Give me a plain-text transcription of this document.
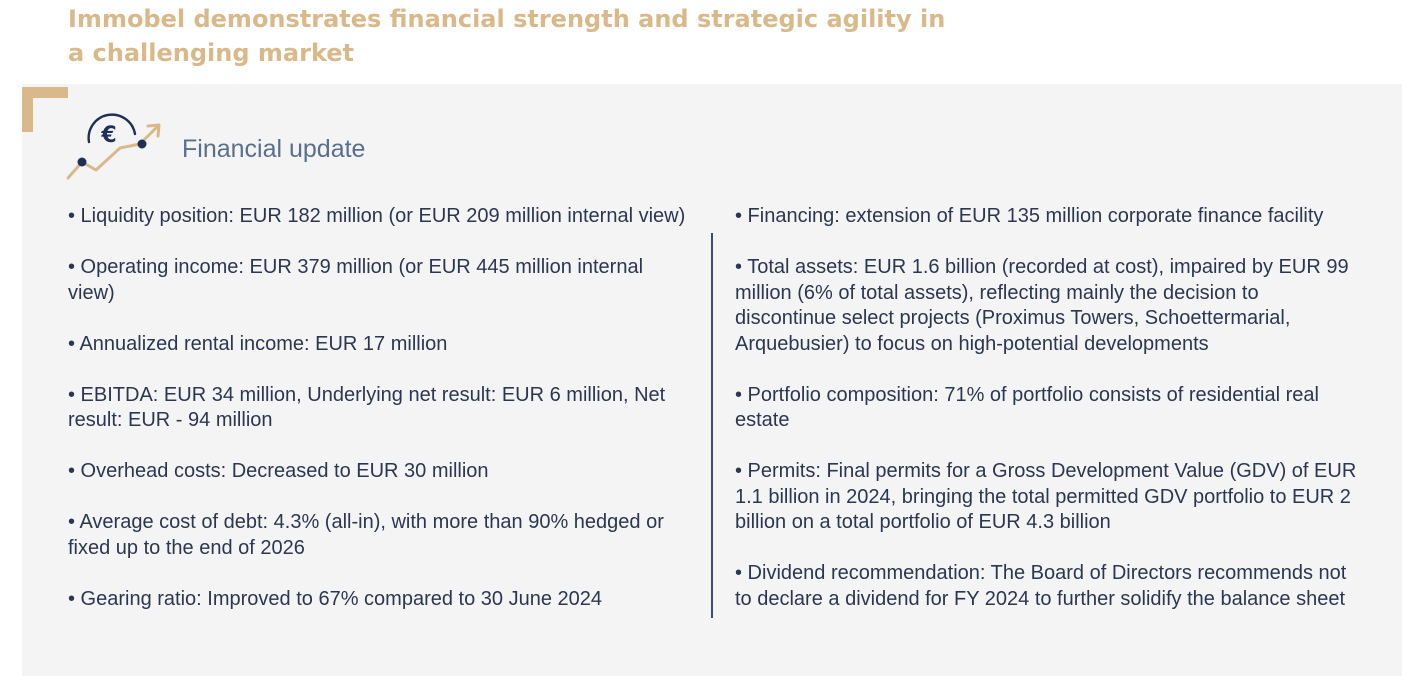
Immobel demonstrates financial strength and strategic agility in a challenging market
€	Financial update
• Liquidity position: EUR 182 million (or EUR 209 million internal view)
• Operating income: EUR 379 million (or EUR 445 million internal view)
• Annualized rental income: EUR 17 million
• EBITDA: EUR 34 million, Underlying net result: EUR 6 million, Net result: EUR - 94 million
• Overhead costs: Decreased to EUR 30 million
• Average cost of debt: 4.3% (all-in), with more than 90% hedged or fixed up to the end of 2026
• Gearing ratio: Improved to 67% compared to 30 June 2024
• Financing: extension of EUR 135 million corporate finance facility
• Total assets: EUR 1.6 billion (recorded at cost), impaired by EUR 99 million (6% of total assets), reflecting mainly the decision to discontinue select projects (Proximus Towers, Schoettermarial, Arquebusier) to focus on high-potential developments
• Portfolio composition: 71% of portfolio consists of residential real estate
• Permits: Final permits for a Gross Development Value (GDV) of EUR 1.1 billion in 2024, bringing the total permitted GDV portfolio to EUR 2 billion on a total portfolio of EUR 4.3 billion
• Dividend recommendation: The Board of Directors recommends not to declare a dividend for FY 2024 to further solidify the balance sheet
